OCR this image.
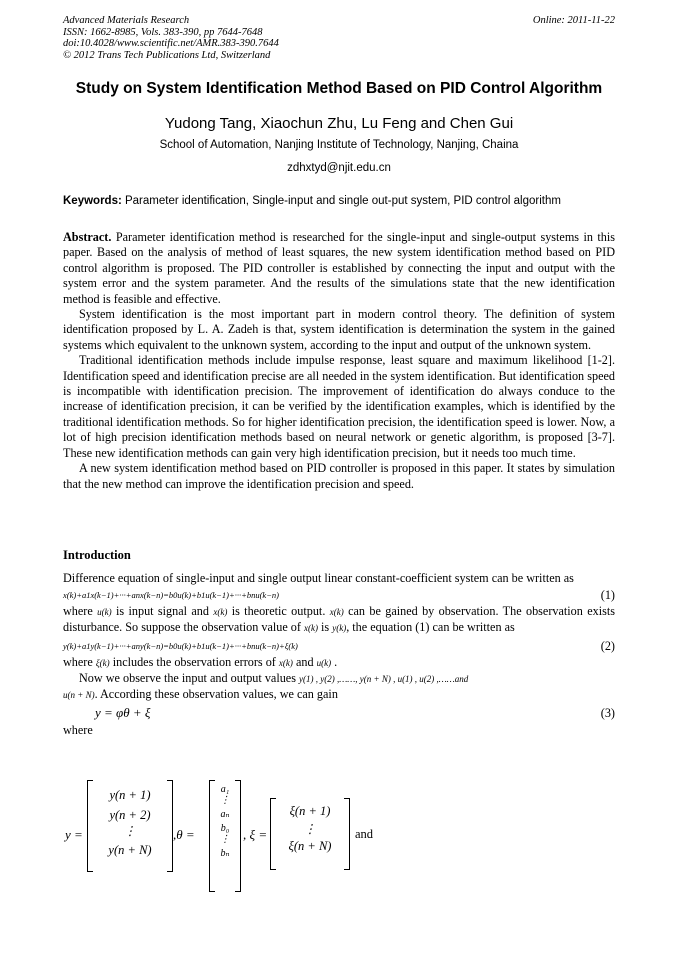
Advanced Materials Research
ISSN: 1662-8985, Vols. 383-390, pp 7644-7648
doi:10.4028/www.scientific.net/AMR.383-390.7644
© 2012 Trans Tech Publications Ltd, Switzerland
Online: 2011-11-22
Study on System Identification Method Based on PID Control Algorithm
Yudong Tang, Xiaochun Zhu, Lu Feng and Chen Gui
School of Automation, Nanjing Institute of Technology, Nanjing, Chaina
zdhxtyd@njit.edu.cn
Keywords: Parameter identification, Single-input and single out-put system, PID control algorithm

Abstract. Parameter identification method is researched for the single-input and single-output systems in this paper. Based on the analysis of method of least squares, the new system identification method based on PID control algorithm is proposed. The PID controller is established by connecting the input and output with the system error and the system parameter. And the results of the simulations state that the new identification method is feasible and effective.

System identification is the most important part in modern control theory. The definition of system identification proposed by L. A. Zadeh is that, system identification is determination the system in the gained systems which equivalent to the unknown system, according to the input and output of the unknown system.

Traditional identification methods include impulse response, least square and maximum likelihood [1-2]. Identification speed and identification precise are all needed in the system identification. But identification speed is incompatible with identification precision. The improvement of identification do always conduce to the increase of identification precision, it can be verified by the identification examples, which is identified by the traditional identification methods. So for higher identification precision, the identification speed is lower. Now, a lot of high precision identification methods based on neural network or genetic algorithm, is proposed [3-7]. These new identification methods can gain very high identification precision, but it needs too much time.

A new system identification method based on PID controller is proposed in this paper. It states by simulation that the new method can improve the identification precision and speed.

Introduction

Difference equation of single-input and single output linear constant-coefficient system can be written as

x(k)+a1x(k−1)+···+anx(k−n)=b0u(k)+b1u(k−1)+···+bnu(k−n)	(1)

where u(k) is input signal and x(k) is theoretic output. x(k) can be gained by observation. The observation exists disturbance. So suppose the observation value of x(k) is y(k), the equation (1) can be written as

y(k)+a1y(k−1)+···+any(k−n)=b0u(k)+b1u(k−1)+···+bnu(k−n)+ξ(k)	(2)

where ξ(k) includes the observation errors of x(k) and u(k) .

Now we observe the input and output values y(1) , y(2) ,……, y(n + N) , u(1) , u(2) ,……and
u(n + N). According these observation values, we can gain

y = φθ + ξ	(3)

where

y =
y(n + 1)
y(n + 2)
⋮
y(n + N)
,θ =
a₁
⋮
aₙ
b₀
⋮
bₙ
, ξ =
ξ(n + 1)
⋮
ξ(n + N)
and
